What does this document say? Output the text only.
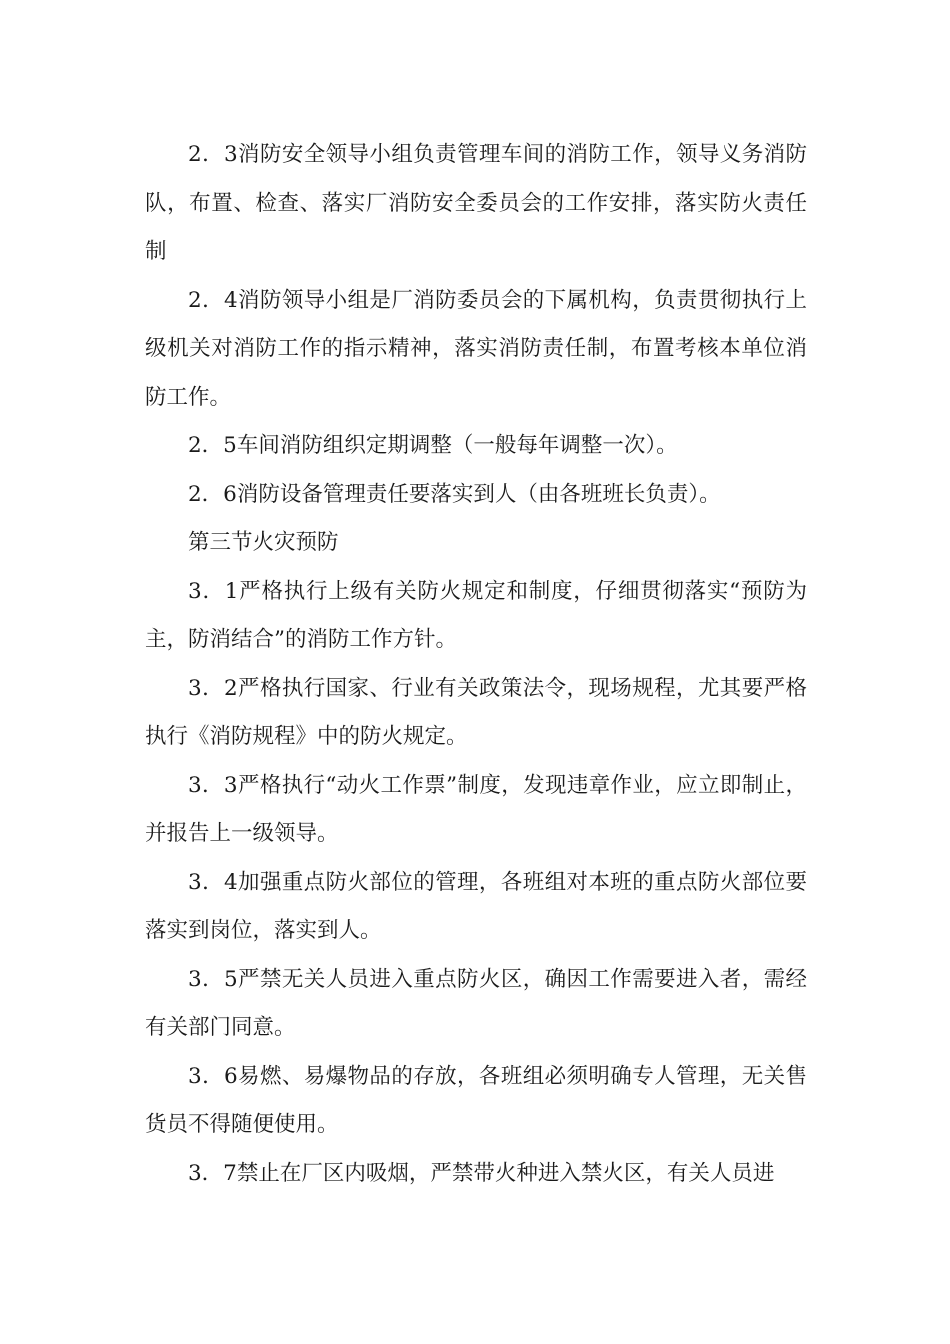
2．3消防安全领导小组负责管理车间的消防工作，领导义务消防队，布置、检查、落实厂消防安全委员会的工作安排，落实防火责任制

2．4消防领导小组是厂消防委员会的下属机构，负责贯彻执行上级机关对消防工作的指示精神，落实消防责任制，布置考核本单位消防工作。

2．5车间消防组织定期调整（一般每年调整一次）。

2．6消防设备管理责任要落实到人（由各班班长负责）。

第三节火灾预防

3．1严格执行上级有关防火规定和制度，仔细贯彻落实“预防为主，防消结合”的消防工作方针。

3．2严格执行国家、行业有关政策法令，现场规程，尤其要严格执行《消防规程》中的防火规定。

3．3严格执行“动火工作票”制度，发现违章作业，应立即制止，并报告上一级领导。

3．4加强重点防火部位的管理，各班组对本班的重点防火部位要落实到岗位，落实到人。

3．5严禁无关人员进入重点防火区，确因工作需要进入者，需经有关部门同意。

3．6易燃、易爆物品的存放，各班组必须明确专人管理，无关售货员不得随便使用。

3．7禁止在厂区内吸烟，严禁带火种进入禁火区，有关人员进
